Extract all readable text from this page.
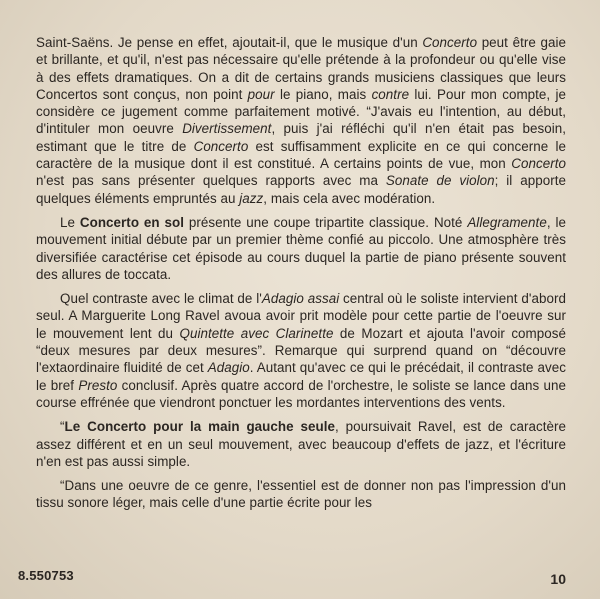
Saint-Saëns. Je pense en effet, ajoutait-il, que le musique d'un Concerto peut être gaie et brillante, et qu'il, n'est pas nécessaire qu'elle prétende à la profondeur ou qu'elle vise à des effets dramatiques. On a dit de certains grands musiciens classiques que leurs Concertos sont conçus, non point pour le piano, mais contre lui. Pour mon compte, je considère ce jugement comme parfaitement motivé. “J'avais eu l'intention, au début, d'intituler mon oeuvre Divertissement, puis j'ai réfléchi qu'il n'en était pas besoin, estimant que le titre de Concerto est suffisamment explicite en ce qui concerne le caractère de la musique dont il est constitué. A certains points de vue, mon Concerto n'est pas sans présenter quelques rapports avec ma Sonate de violon; il apporte quelques éléments empruntés au jazz, mais cela avec modération.

Le Concerto en sol présente une coupe tripartite classique. Noté Allegramente, le mouvement initial débute par un premier thème confié au piccolo. Une atmosphère très diversifiée caractérise cet épisode au cours duquel la partie de piano présente souvent des allures de toccata.

Quel contraste avec le climat de l'Adagio assai central où le soliste intervient d'abord seul. A Marguerite Long Ravel avoua avoir prit modèle pour cette partie de l'oeuvre sur le mouvement lent du Quintette avec Clarinette de Mozart et ajouta l'avoir composé “deux mesures par deux mesures”. Remarque qui surprend quand on “découvre l'extaordinaire fluidité de cet Adagio. Autant qu'avec ce qui le précédait, il contraste avec le bref Presto conclusif. Après quatre accord de l'orchestre, le soliste se lance dans une course effrénée que viendront ponctuer les mordantes interventions des vents.

“Le Concerto pour la main gauche seule, poursuivait Ravel, est de caractère assez différent et en un seul mouvement, avec beaucoup d'effets de jazz, et l'écriture n'en est pas aussi simple.

“Dans une oeuvre de ce genre, l'essentiel est de donner non pas l'impression d'un tissu sonore léger, mais celle d'une partie écrite pour les

8.550753	10
